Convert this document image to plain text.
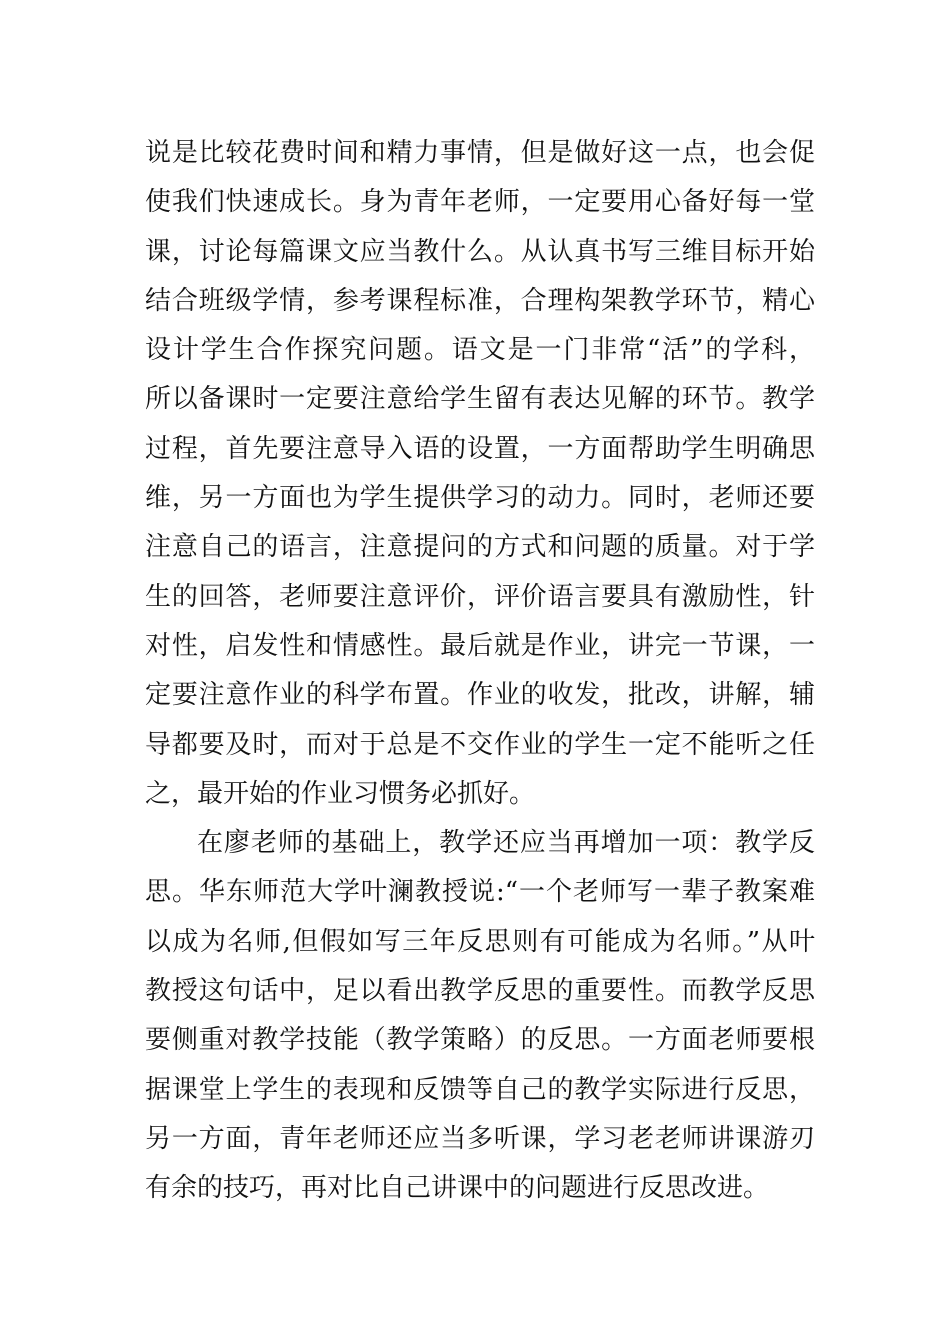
说是比较花费时间和精力事情，但是做好这一点，也会促
使我们快速成长。身为青年老师，一定要用心备好每一堂
课，讨论每篇课文应当教什么。从认真书写三维目标开始
结合班级学情，参考课程标准，合理构架教学环节，精心
设计学生合作探究问题。语文是一门非常“活”的学科，
所以备课时一定要注意给学生留有表达见解的环节。教学
过程，首先要注意导入语的设置，一方面帮助学生明确思
维，另一方面也为学生提供学习的动力。同时，老师还要
注意自己的语言，注意提问的方式和问题的质量。对于学
生的回答，老师要注意评价，评价语言要具有激励性，针
对性，启发性和情感性。最后就是作业，讲完一节课，一
定要注意作业的科学布置。作业的收发，批改，讲解，辅
导都要及时，而对于总是不交作业的学生一定不能听之任
之，最开始的作业习惯务必抓好。
在廖老师的基础上，教学还应当再增加一项：教学反
思。华东师范大学叶澜教授说:“一个老师写一辈子教案难
以成为名师,但假如写三年反思则有可能成为名师。”从叶
教授这句话中，足以看出教学反思的重要性。而教学反思
要侧重对教学技能（教学策略）的反思。一方面老师要根
据课堂上学生的表现和反馈等自己的教学实际进行反思，
另一方面，青年老师还应当多听课，学习老老师讲课游刃
有余的技巧，再对比自己讲课中的问题进行反思改进。
